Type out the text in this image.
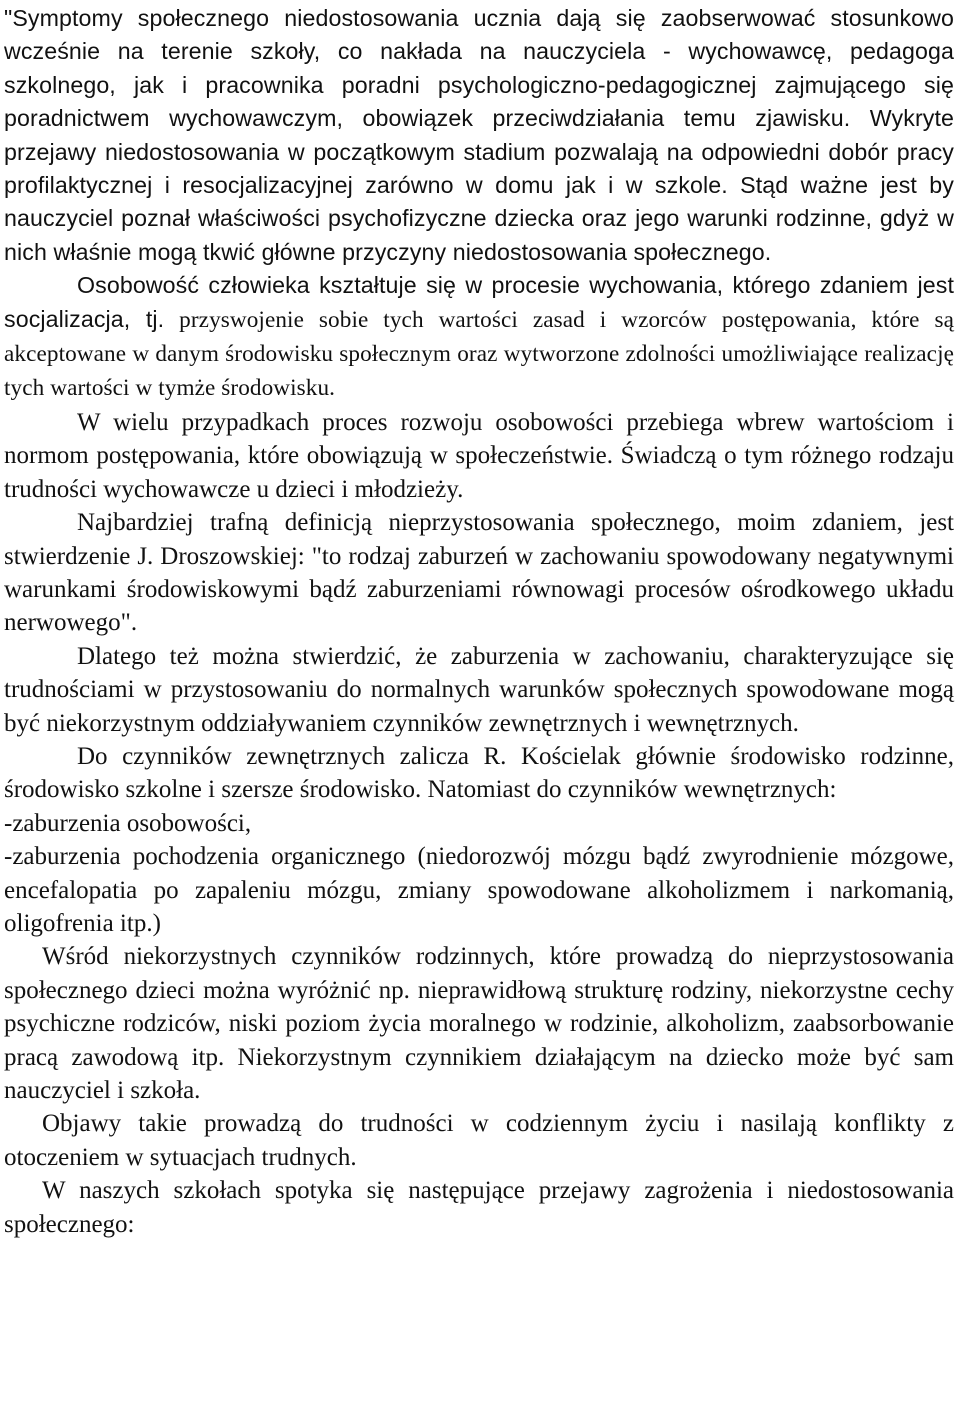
"Symptomy społecznego niedostosowania ucznia dają się zaobserwować stosunkowo wcześnie na terenie szkoły, co nakłada na nauczyciela - wychowawcę, pedagoga szkolnego, jak i pracownika poradni psychologiczno-pedagogicznej zajmującego się poradnictwem wychowawczym, obowiązek przeciwdziałania temu zjawisku. Wykryte przejawy niedostosowania w początkowym stadium pozwalają na odpowiedni dobór pracy profilaktycznej i resocjalizacyjnej zarówno w domu jak i w szkole. Stąd ważne jest by nauczyciel poznał właściwości psychofizyczne dziecka oraz jego warunki rodzinne, gdyż w nich właśnie mogą tkwić główne przyczyny niedostosowania społecznego.

Osobowość człowieka kształtuje się w procesie wychowania, którego zdaniem jest socjalizacja, tj. przyswojenie sobie tych wartości zasad i wzorców postępowania, które są akceptowane w danym środowisku społecznym oraz wytworzone zdolności umożliwiające realizację tych wartości w tymże środowisku.

W wielu przypadkach proces rozwoju osobowości przebiega wbrew wartościom i normom postępowania, które obowiązują w społeczeństwie. Świadczą o tym różnego rodzaju trudności wychowawcze u dzieci i młodzieży.

Najbardziej trafną definicją nieprzystosowania społecznego, moim zdaniem, jest stwierdzenie J. Droszowskiej: "to rodzaj zaburzeń w zachowaniu spowodowany negatywnymi warunkami środowiskowymi bądź zaburzeniami równowagi procesów ośrodkowego układu nerwowego".

Dlatego też można stwierdzić, że zaburzenia w zachowaniu, charakteryzujące się trudnościami w przystosowaniu do normalnych warunków społecznych spowodowane mogą być niekorzystnym oddziaływaniem czynników zewnętrznych i wewnętrznych.

Do czynników zewnętrznych zalicza R. Kościelak głównie środowisko rodzinne, środowisko szkolne i szersze środowisko. Natomiast do czynników wewnętrznych:

-zaburzenia osobowości,

-zaburzenia pochodzenia organicznego (niedorozwój mózgu bądź zwyrodnienie mózgowe, encefalopatia po zapaleniu mózgu, zmiany spowodowane alkoholizmem i narkomanią, oligofrenia itp.)

Wśród niekorzystnych czynników rodzinnych, które prowadzą do nieprzystosowania społecznego dzieci można wyróżnić np. nieprawidłową strukturę rodziny, niekorzystne cechy psychiczne rodziców, niski poziom życia moralnego w rodzinie, alkoholizm, zaabsorbowanie pracą zawodową itp. Niekorzystnym czynnikiem działającym na dziecko może być sam nauczyciel i szkoła.

Objawy takie prowadzą do trudności w codziennym życiu i nasilają konflikty z otoczeniem w sytuacjach trudnych.

W naszych szkołach spotyka się następujące przejawy zagrożenia i niedostosowania społecznego:
